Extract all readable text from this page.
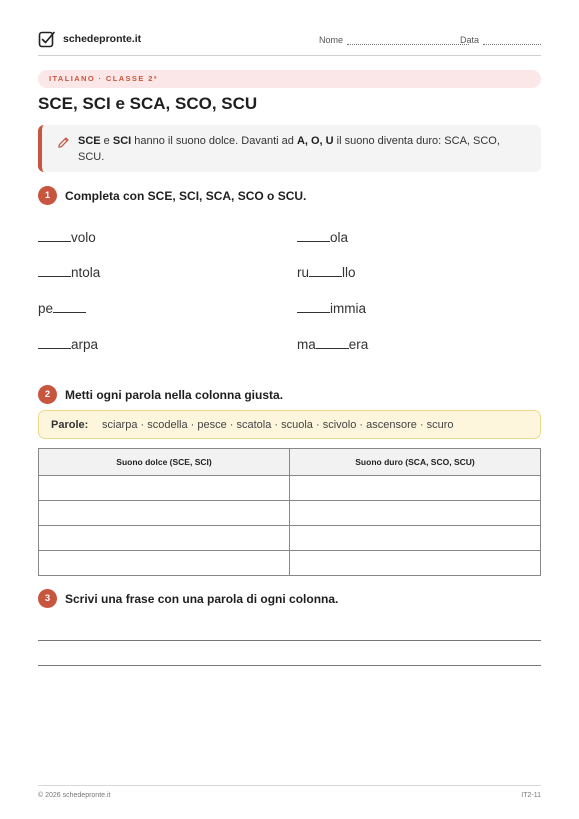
schedepronte.it	Nome	Data
ITALIANO · CLASSE 2ª
SCE, SCI e SCA, SCO, SCU

SCE e SCI hanno il suono dolce. Davanti ad A, O, U il suono diventa duro: SCA, SCO, SCU.

1	Completa con SCE, SCI, SCA, SCO o SCU.
volo	ola
ntola	ru llo
pe	immia
arpa	ma era
2	Metti ogni parola nella colonna giusta.
Parole: sciarpa · scodella · pesce · scatola · scuola · scivolo · ascensore · scuro
Suono dolce (SCE, SCI)	Suono duro (SCA, SCO, SCU)

3	Scrivi una frase con una parola di ogni colonna.
© 2026 schedepronte.it	IT2-11
